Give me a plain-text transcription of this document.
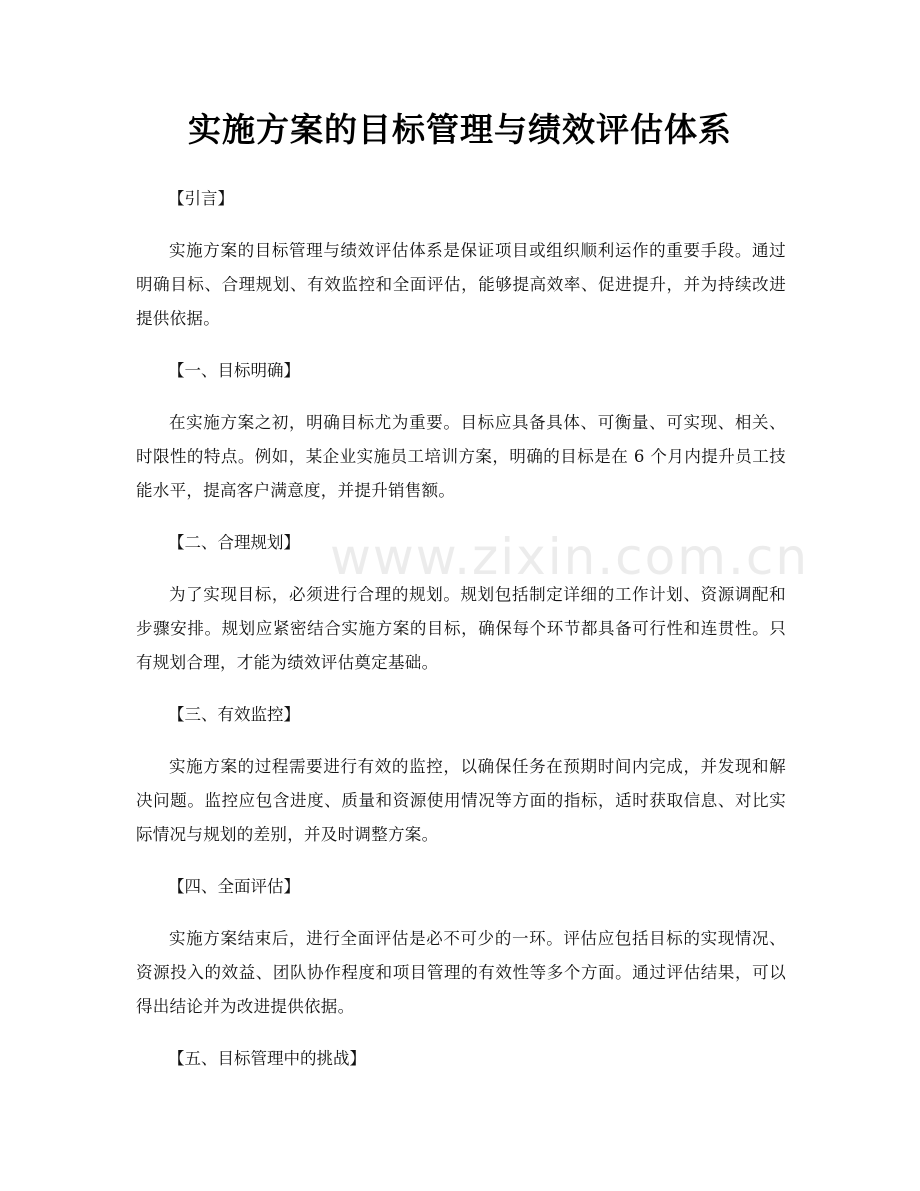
实施方案的目标管理与绩效评估体系

【引言】

实施方案的目标管理与绩效评估体系是保证项目或组织顺利运作的重要手段。通过明确目标、合理规划、有效监控和全面评估，能够提高效率、促进提升，并为持续改进提供依据。

【一、目标明确】

在实施方案之初，明确目标尤为重要。目标应具备具体、可衡量、可实现、相关、时限性的特点。例如，某企业实施员工培训方案，明确的目标是在 6 个月内提升员工技能水平，提高客户满意度，并提升销售额。

【二、合理规划】

为了实现目标，必须进行合理的规划。规划包括制定详细的工作计划、资源调配和步骤安排。规划应紧密结合实施方案的目标，确保每个环节都具备可行性和连贯性。只有规划合理，才能为绩效评估奠定基础。

【三、有效监控】

实施方案的过程需要进行有效的监控，以确保任务在预期时间内完成，并发现和解决问题。监控应包含进度、质量和资源使用情况等方面的指标，适时获取信息、对比实际情况与规划的差别，并及时调整方案。

【四、全面评估】

实施方案结束后，进行全面评估是必不可少的一环。评估应包括目标的实现情况、资源投入的效益、团队协作程度和项目管理的有效性等多个方面。通过评估结果，可以得出结论并为改进提供依据。

【五、目标管理中的挑战】

www.zixin.com.cn
